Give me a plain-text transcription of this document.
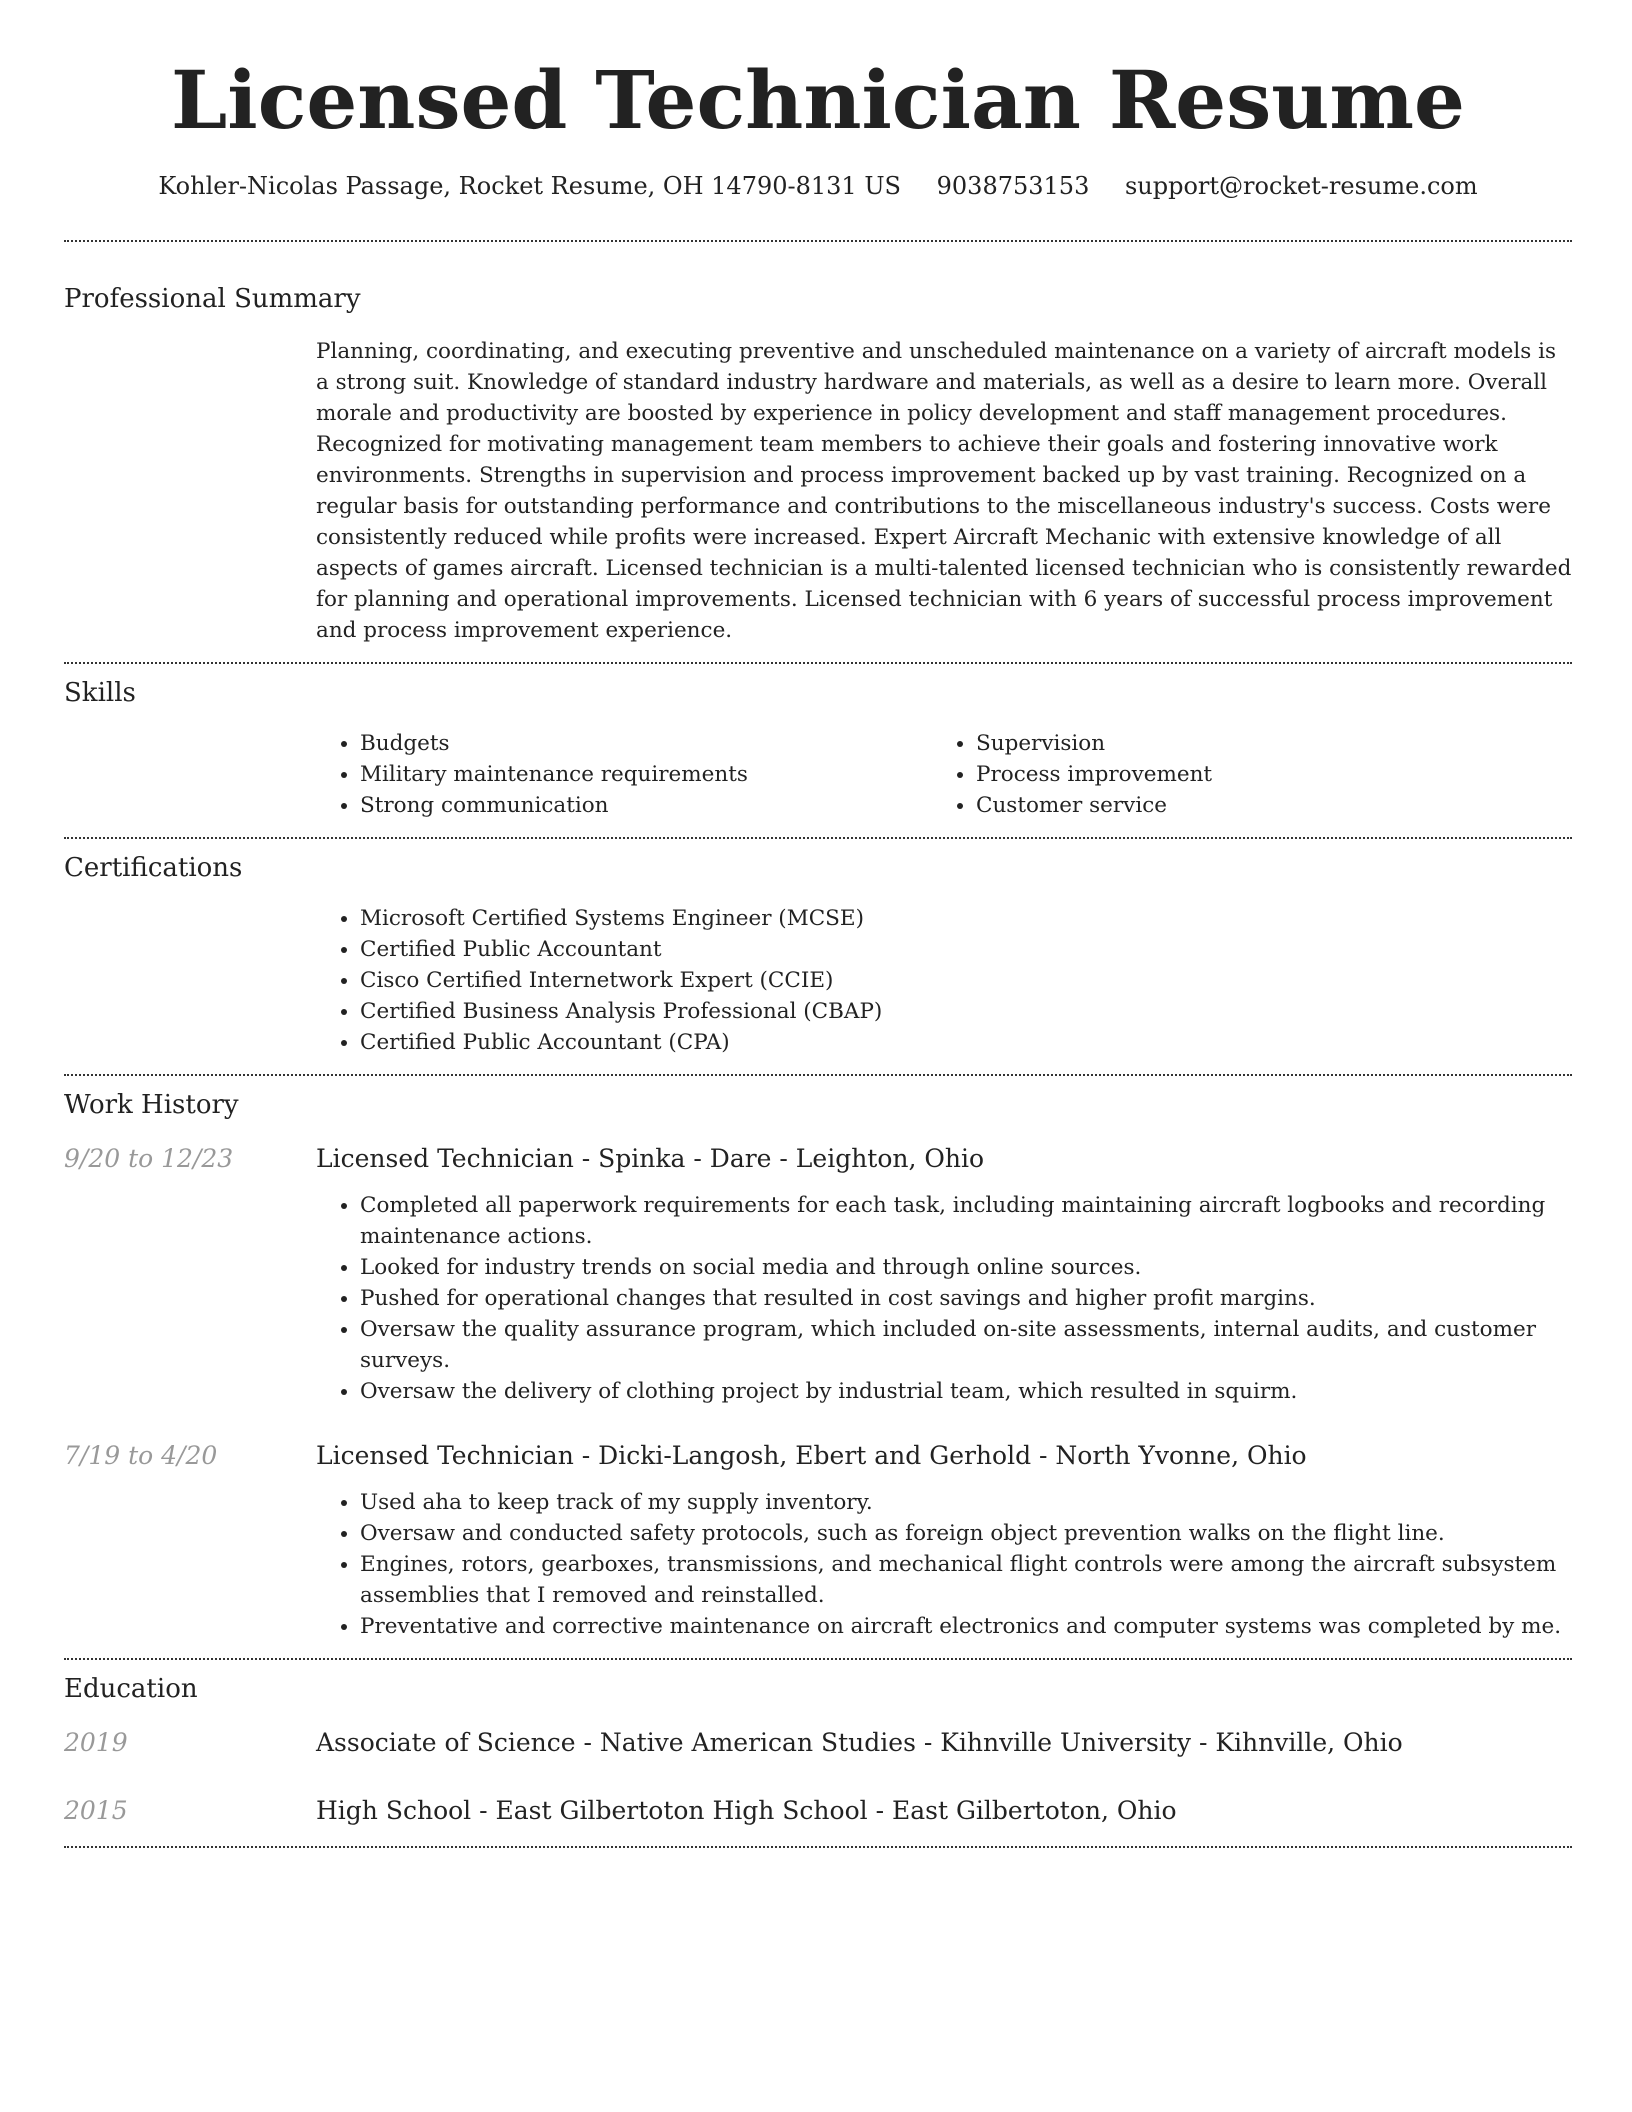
Licensed Technician Resume
Kohler-Nicolas Passage, Rocket Resume, OH 14790-8131 US 9038753153 support@rocket-resume.com
Professional Summary
Planning, coordinating, and executing preventive and unscheduled maintenance on a variety of aircraft models is a strong suit. Knowledge of standard industry hardware and materials, as well as a desire to learn more. Overall morale and productivity are boosted by experience in policy development and staff management procedures. Recognized for motivating management team members to achieve their goals and fostering innovative work environments. Strengths in supervision and process improvement backed up by vast training. Recognized on a regular basis for outstanding performance and contributions to the miscellaneous industry's success. Costs were consistently reduced while profits were increased. Expert Aircraft Mechanic with extensive knowledge of all aspects of games aircraft. Licensed technician is a multi-talented licensed technician who is consistently rewarded for planning and operational improvements. Licensed technician with 6 years of successful process improvement and process improvement experience.
Skills
• Budgets
• Military maintenance requirements
• Strong communication
• Supervision
• Process improvement
• Customer service
Certifications
• Microsoft Certified Systems Engineer (MCSE)
• Certified Public Accountant
• Cisco Certified Internetwork Expert (CCIE)
• Certified Business Analysis Professional (CBAP)
• Certified Public Accountant (CPA)
Work History
9/20 to 12/23	Licensed Technician - Spinka - Dare - Leighton, Ohio
• Completed all paperwork requirements for each task, including maintaining aircraft logbooks and recording maintenance actions.
• Looked for industry trends on social media and through online sources.
• Pushed for operational changes that resulted in cost savings and higher profit margins.
• Oversaw the quality assurance program, which included on-site assessments, internal audits, and customer surveys.
• Oversaw the delivery of clothing project by industrial team, which resulted in squirm.
7/19 to 4/20	Licensed Technician - Dicki-Langosh, Ebert and Gerhold - North Yvonne, Ohio
• Used aha to keep track of my supply inventory.
• Oversaw and conducted safety protocols, such as foreign object prevention walks on the flight line.
• Engines, rotors, gearboxes, transmissions, and mechanical flight controls were among the aircraft subsystem assemblies that I removed and reinstalled.
• Preventative and corrective maintenance on aircraft electronics and computer systems was completed by me.
Education
2019	Associate of Science - Native American Studies - Kihnville University - Kihnville, Ohio
2015	High School - East Gilbertoton High School - East Gilbertoton, Ohio
